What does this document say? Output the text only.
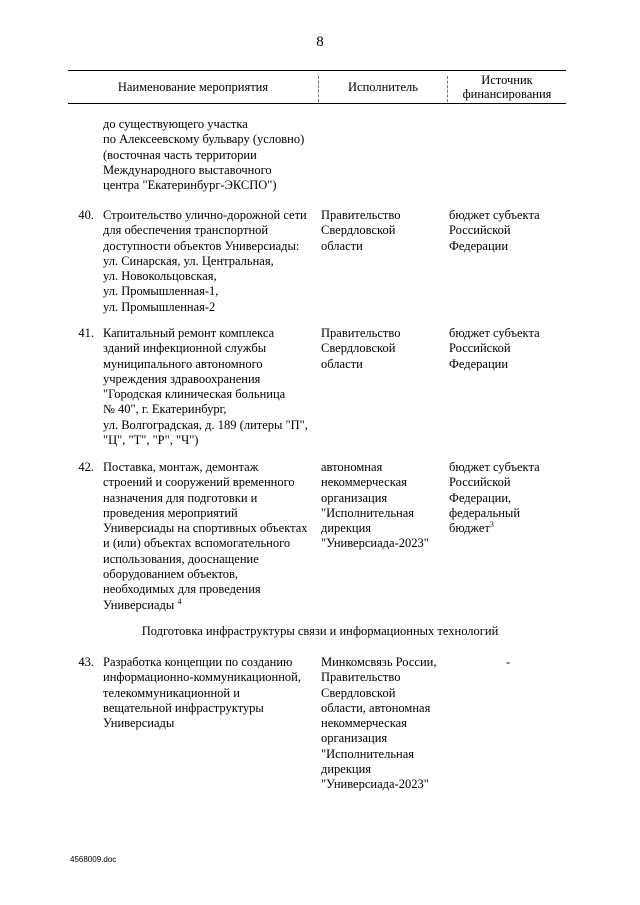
8
Наименование мероприятия	Исполнитель	Источник
финансирования
до существующего участка
по Алексеевскому бульвару (условно)
(восточная часть территории
Международного выставочного
центра "Екатеринбург-ЭКСПО")
40. Строительство улично-дорожной сети
для обеспечения транспортной
доступности объектов Универсиады:
ул. Синарская, ул. Центральная,
ул. Новокольцовская,
ул. Промышленная-1,
ул. Промышленная-2
Правительство
Свердловской
области
бюджет субъекта
Российской
Федерации
41. Капитальный ремонт комплекса
зданий инфекционной службы
муниципального автономного
учреждения здравоохранения
"Городская клиническая больница
№ 40", г. Екатеринбург,
ул. Волгоградская, д. 189 (литеры "П",
"Ц", "Т", "Р", "Ч")
Правительство
Свердловской
области
бюджет субъекта
Российской
Федерации
42. Поставка, монтаж, демонтаж
строений и сооружений временного
назначения для подготовки и
проведения мероприятий
Универсиады на спортивных объектах
и (или) объектах вспомогательного
использования, дооснащение
оборудованием объектов,
необходимых для проведения
Универсиады $^4$
автономная
некоммерческая
организация
"Исполнительная
дирекция
"Универсиада-2023"
бюджет субъекта
Российской
Федерации,
федеральный
бюджет$^3$
Подготовка инфраструктуры связи и информационных технологий
43. Разработка концепции по созданию
информационно-коммуникационной,
телекоммуникационной и
вещательной инфраструктуры
Универсиады
Минкомсвязь России,
Правительство
Свердловской
области, автономная
некоммерческая
организация
"Исполнительная
дирекция
"Универсиада-2023"
-
4568009.doc
